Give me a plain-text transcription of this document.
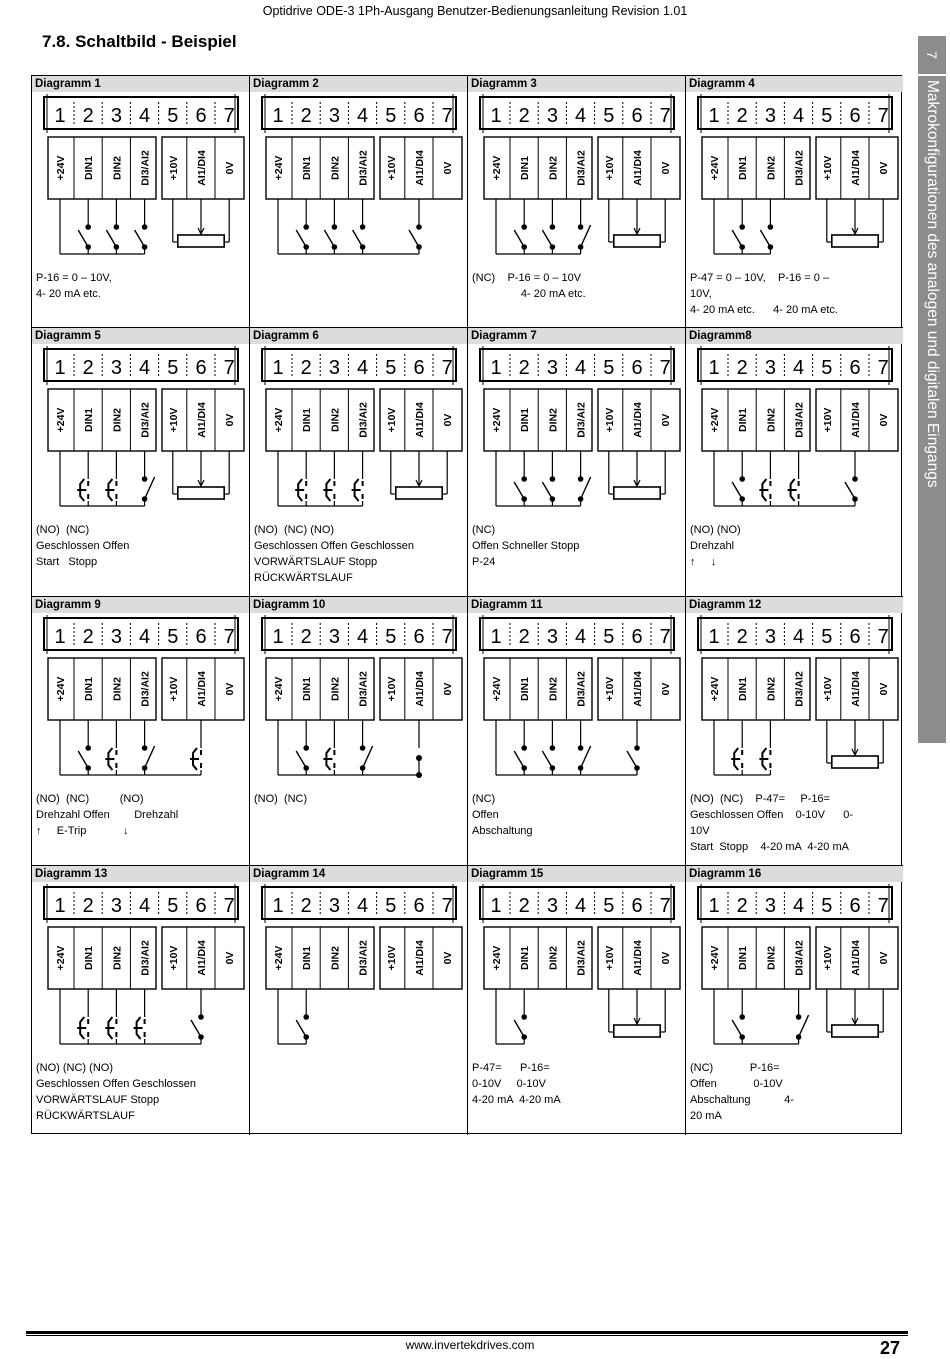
Optidrive ODE-3 1Ph-Ausgang Benutzer-Bedienungsanleitung Revision 1.01
7.8. Schaltbild - Beispiel
7
Makrokonfigurationen des analogen und digitalen Eingangs
Diagramm 1
1 2 3 4 5 6 7
+24V DIN1 DIN2 DI3/AI2 +10V AI1/DI4 0V
P-16 = 0 – 10V,
4- 20 mA etc.
Diagramm 2
1 2 3 4 5 6 7
+24V DIN1 DIN2 DI3/AI2 +10V AI1/DI4 0V
Diagramm 3
1 2 3 4 5 6 7
+24V DIN1 DIN2 DI3/AI2 +10V AI1/DI4 0V
(NC)    P-16 = 0 – 10V
4- 20 mA etc.
Diagramm 4
1 2 3 4 5 6 7
+24V DIN1 DIN2 DI3/AI2 +10V AI1/DI4 0V
P-47 = 0 – 10V,    P-16 = 0 –
10V,
4- 20 mA etc.      4- 20 mA etc.
Diagramm 5
1 2 3 4 5 6 7
+24V DIN1 DIN2 DI3/AI2 +10V AI1/DI4 0V
(NO)  (NC)
Geschlossen Offen
Start   Stopp
Diagramm 6
1 2 3 4 5 6 7
+24V DIN1 DIN2 DI3/AI2 +10V AI1/DI4 0V
(NO)  (NC) (NO)
Geschlossen Offen Geschlossen
VORWÄRTSLAUF Stopp
RÜCKWÄRTSLAUF
Diagramm 7
1 2 3 4 5 6 7
+24V DIN1 DIN2 DI3/AI2 +10V AI1/DI4 0V
(NC)
Offen Schneller Stopp
P-24
Diagramm8
1 2 3 4 5 6 7
+24V DIN1 DIN2 DI3/AI2 +10V AI1/DI4 0V
(NO) (NO)
Drehzahl
↑     ↓
Diagramm 9
1 2 3 4 5 6 7
+24V DIN1 DIN2 DI3/AI2 +10V AI1/DI4 0V
(NO)  (NC)          (NO)
Drehzahl Offen        Drehzahl
↑     E-Trip            ↓
Diagramm 10
1 2 3 4 5 6 7
+24V DIN1 DIN2 DI3/AI2 +10V AI1/DI4 0V
(NO)  (NC)
Diagramm 11
1 2 3 4 5 6 7
+24V DIN1 DIN2 DI3/AI2 +10V AI1/DI4 0V
(NC)
Offen
Abschaltung
Diagramm 12
1 2 3 4 5 6 7
+24V DIN1 DIN2 DI3/AI2 +10V AI1/DI4 0V
(NO)  (NC)    P-47=     P-16=
Geschlossen Offen    0-10V      0-
10V
Start  Stopp    4-20 mA  4-20 mA
Diagramm 13
1 2 3 4 5 6 7
+24V DIN1 DIN2 DI3/AI2 +10V AI1/DI4 0V
(NO) (NC) (NO)
Geschlossen Offen Geschlossen
VORWÄRTSLAUF Stopp
RÜCKWÄRTSLAUF
Diagramm 14
1 2 3 4 5 6 7
+24V DIN1 DIN2 DI3/AI2 +10V AI1/DI4 0V
Diagramm 15
1 2 3 4 5 6 7
+24V DIN1 DIN2 DI3/AI2 +10V AI1/DI4 0V
P-47=      P-16=
0-10V     0-10V
4-20 mA  4-20 mA
Diagramm 16
1 2 3 4 5 6 7
+24V DIN1 DIN2 DI3/AI2 +10V AI1/DI4 0V
(NC)            P-16=
Offen            0-10V
Abschaltung           4-
20 mA
www.invertekdrives.com	27
